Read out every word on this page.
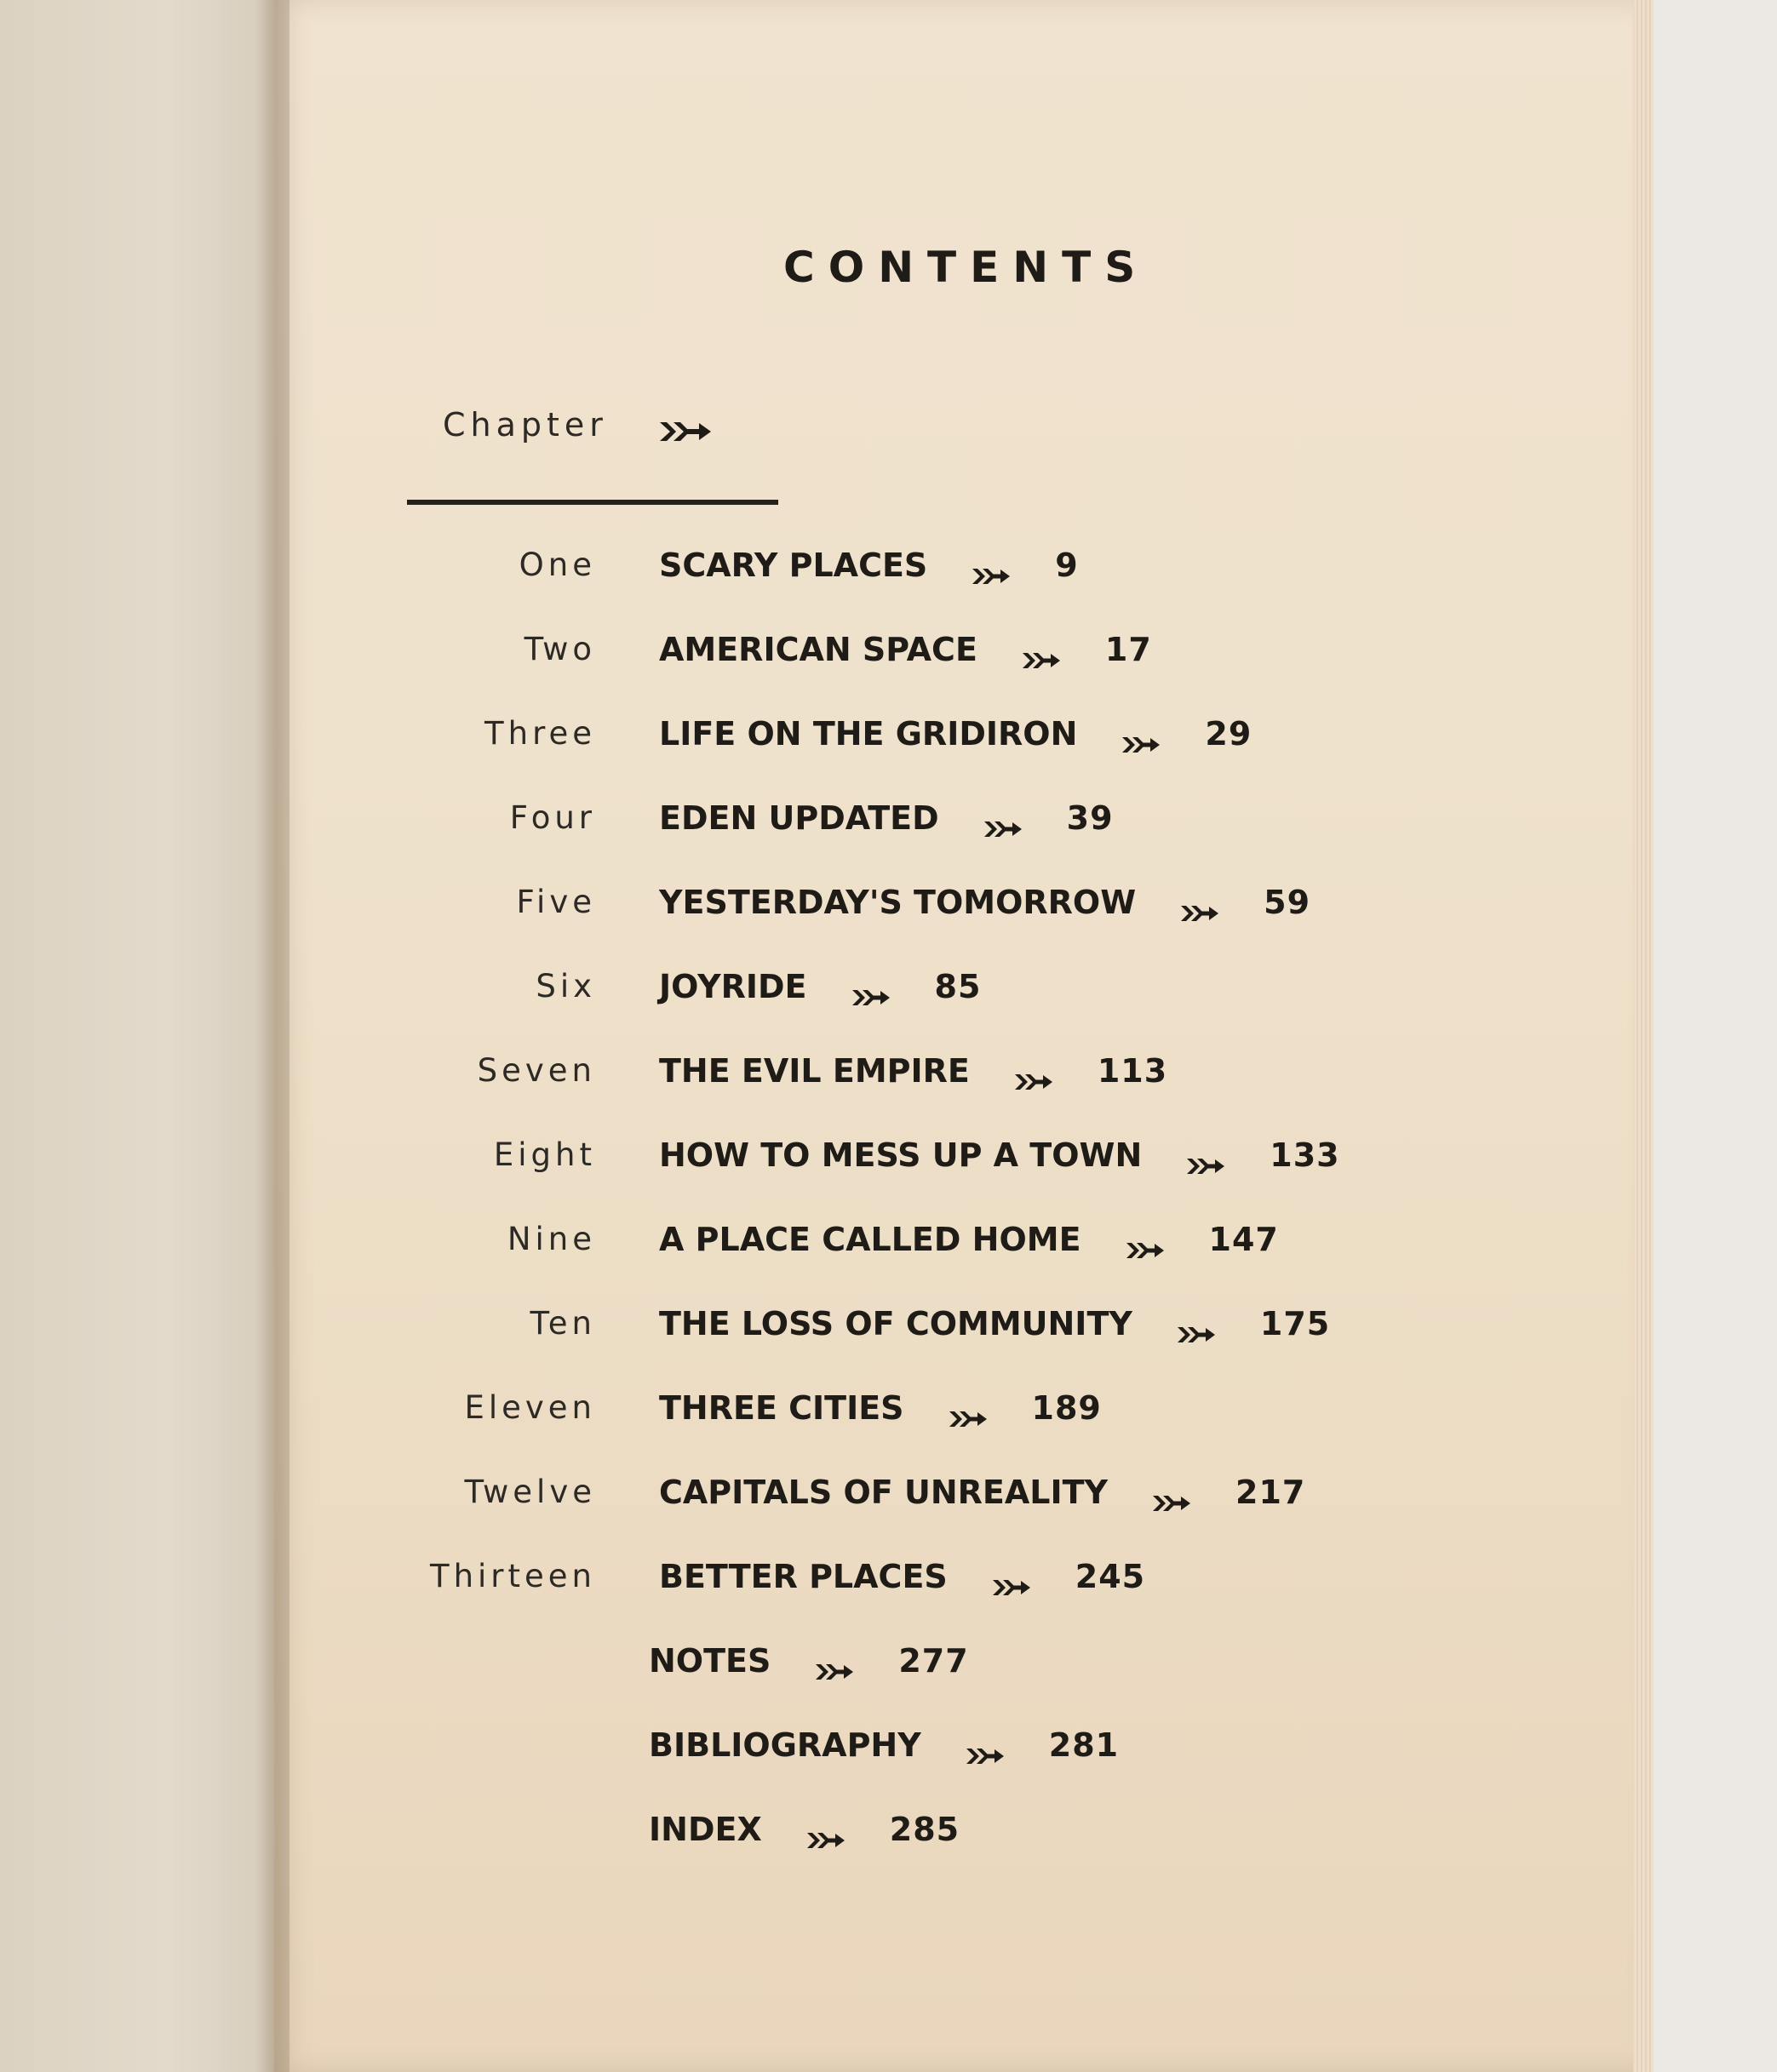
CONTENTS
Chapter
One SCARY PLACES	9
Two AMERICAN SPACE	17
Three LIFE ON THE GRIDIRON	29
Four EDEN UPDATED	39
Five YESTERDAY'S TOMORROW	59
Six JOYRIDE	85
Seven THE EVIL EMPIRE	113
Eight HOW TO MESS UP A TOWN	133
Nine A PLACE CALLED HOME	147
Ten THE LOSS OF COMMUNITY	175
Eleven THREE CITIES	189
Twelve CAPITALS OF UNREALITY	217
Thirteen BETTER PLACES	245
NOTES	277
BIBLIOGRAPHY	281
INDEX	285
